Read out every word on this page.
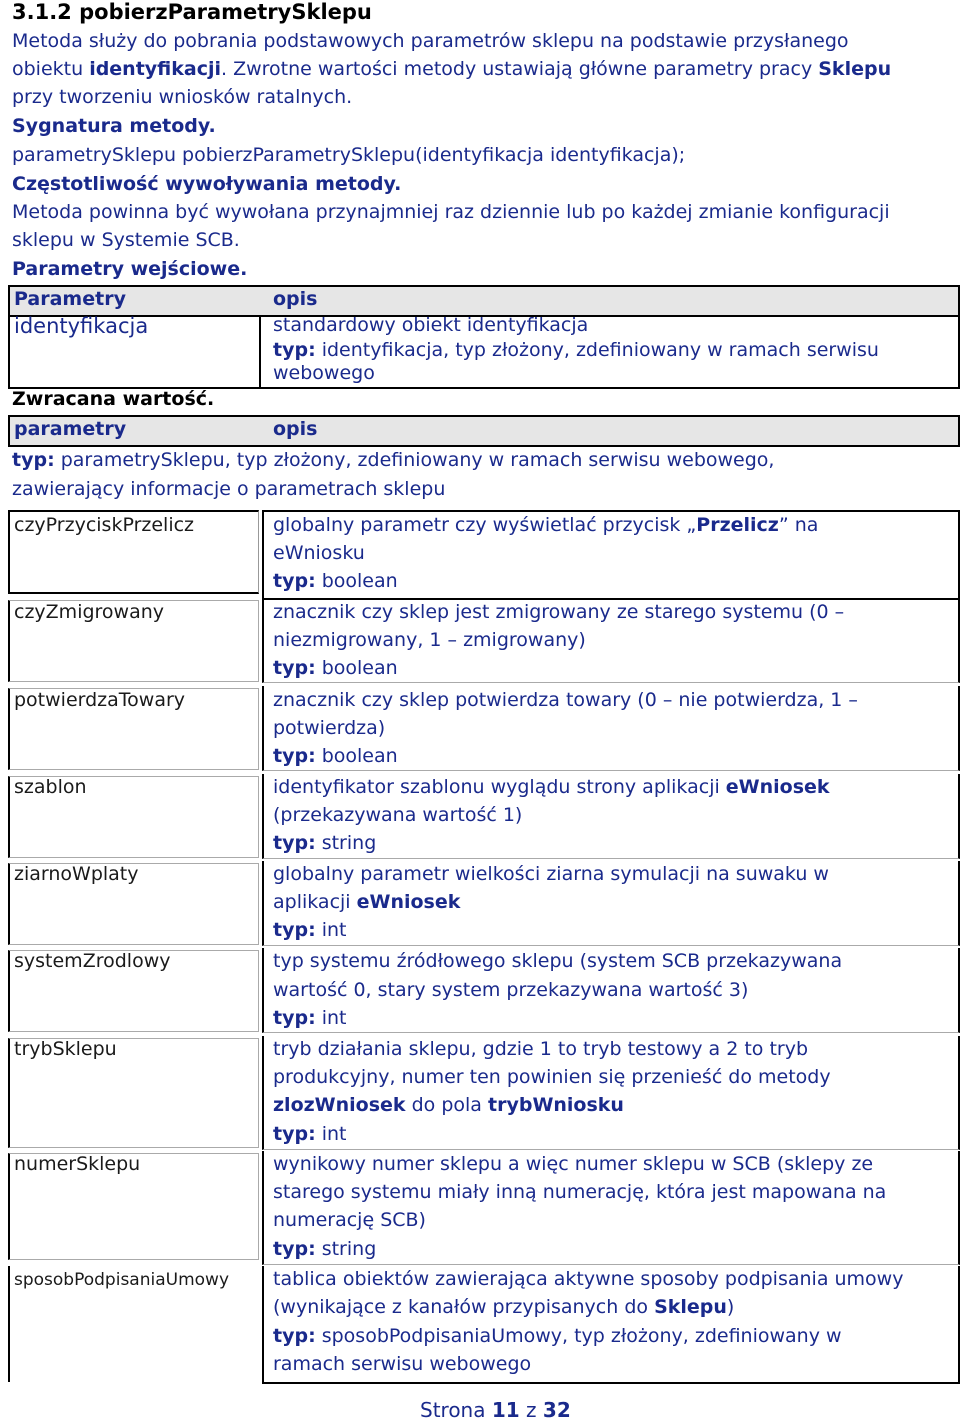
3.1.2 pobierzParametrySklepu
Metoda służy do pobrania podstawowych parametrów sklepu na podstawie przysłanego
obiektu identyfikacji. Zwrotne wartości metody ustawiają główne parametry pracy Sklepu
przy tworzeniu wniosków ratalnych.
Sygnatura metody.
parametrySklepu pobierzParametrySklepu(identyfikacja identyfikacja);
Częstotliwość wywoływania metody.
Metoda powinna być wywołana przynajmniej raz dziennie lub po każdej zmianie konfiguracji
sklepu w Systemie SCB.
Parametry wejściowe.
Parametry	opis
identyfikacja	standardowy obiekt identyfikacja
typ: identyfikacja, typ złożony, zdefiniowany w ramach serwisu
webowego
Zwracana wartość.
parametry	opis
typ: parametrySklepu, typ złożony, zdefiniowany w ramach serwisu webowego,
zawierający informacje o parametrach sklepu
czyPrzyciskPrzelicz	globalny parametr czy wyświetlać przycisk „Przelicz” na
eWniosku
typ: boolean
czyZmigrowany	znacznik czy sklep jest zmigrowany ze starego systemu (0 –
niezmigrowany, 1 – zmigrowany)
typ: boolean
potwierdzaTowary	znacznik czy sklep potwierdza towary (0 – nie potwierdza, 1 –
potwierdza)
typ: boolean
szablon	identyfikator szablonu wyglądu strony aplikacji eWniosek
(przekazywana wartość 1)
typ: string
ziarnoWplaty	globalny parametr wielkości ziarna symulacji na suwaku w
aplikacji eWniosek
typ: int
systemZrodlowy	typ systemu źródłowego sklepu (system SCB przekazywana
wartość 0, stary system przekazywana wartość 3)
typ: int
trybSklepu	tryb działania sklepu, gdzie 1 to tryb testowy a 2 to tryb
produkcyjny, numer ten powinien się przenieść do metody
zlozWniosek do pola trybWniosku
typ: int
numerSklepu	wynikowy numer sklepu a więc numer sklepu w SCB (sklepy ze
starego systemu miały inną numerację, która jest mapowana na
numerację SCB)
typ: string
sposobPodpisaniaUmowy tablica obiektów zawierająca aktywne sposoby podpisania umowy
(wynikające z kanałów przypisanych do Sklepu)
typ: sposobPodpisaniaUmowy, typ złożony, zdefiniowany w
ramach serwisu webowego
Strona 11 z 32
